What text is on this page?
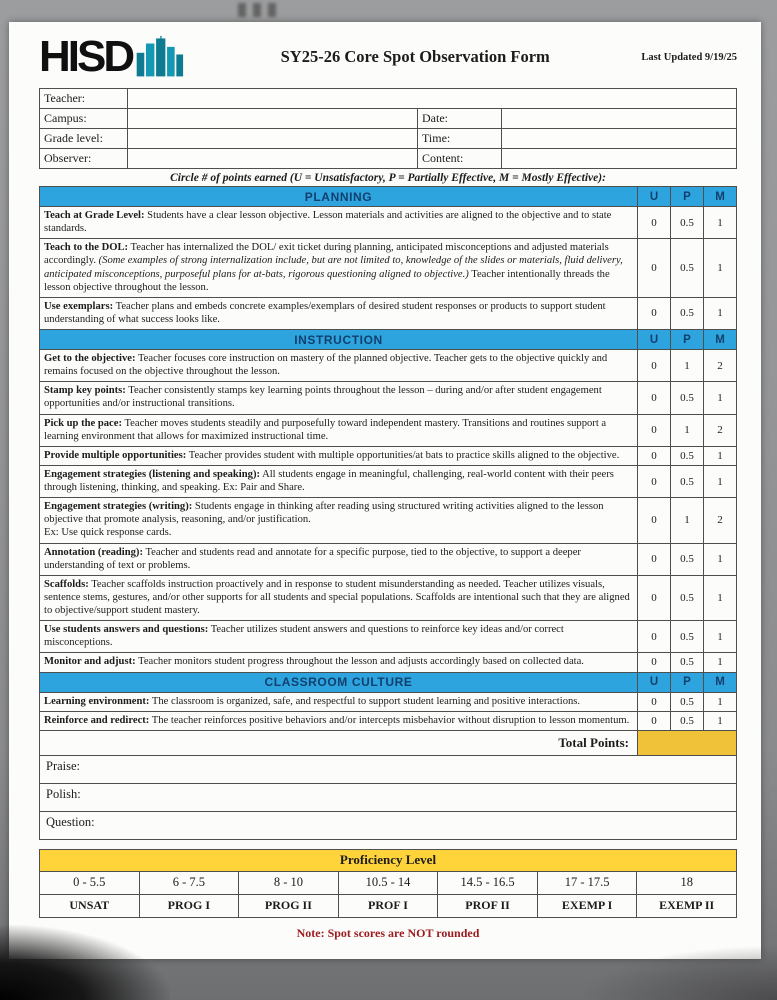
HISD	SY25-26 Core Spot Observation Form	Last Updated 9/19/25
Teacher:			
Campus:		Date:	
Grade level:		Time:	
Observer:		Content:	
Circle # of points earned (U = Unsatisfactory, P = Partially Effective, M = Mostly Effective):
PLANNING	U	P	M
Teach at Grade Level: Students have a clear lesson objective. Lesson materials and activities are aligned to the objective and to state standards.	0	0.5	1
Teach to the DOL: Teacher has internalized the DOL/ exit ticket during planning, anticipated misconceptions and adjusted materials accordingly. (Some examples of strong internalization include, but are not limited to, knowledge of the slides or materials, fluid delivery, anticipated misconceptions, purposeful plans for at-bats, rigorous questioning aligned to objective.) Teacher intentionally threads the lesson objective throughout the lesson.	0	0.5	1
Use exemplars: Teacher plans and embeds concrete examples/exemplars of desired student responses or products to support student understanding of what success looks like.	0	0.5	1
INSTRUCTION	U	P	M
Get to the objective: Teacher focuses core instruction on mastery of the planned objective. Teacher gets to the objective quickly and remains focused on the objective throughout the lesson.	0	1	2
Stamp key points: Teacher consistently stamps key learning points throughout the lesson – during and/or after student engagement opportunities and/or instructional transitions.	0	0.5	1
Pick up the pace: Teacher moves students steadily and purposefully toward independent mastery. Transitions and routines support a learning environment that allows for maximized instructional time.	0	1	2
Provide multiple opportunities: Teacher provides student with multiple opportunities/at bats to practice skills aligned to the objective.	0	0.5	1
Engagement strategies (listening and speaking): All students engage in meaningful, challenging, real-world content with their peers through listening, thinking, and speaking. Ex: Pair and Share.	0	0.5	1
Engagement strategies (writing): Students engage in thinking after reading using structured writing activities aligned to the lesson objective that promote analysis, reasoning, and/or justification.
Ex: Use quick response cards.	0	1	2
Annotation (reading): Teacher and students read and annotate for a specific purpose, tied to the objective, to support a deeper understanding of text or problems.	0	0.5	1
Scaffolds: Teacher scaffolds instruction proactively and in response to student misunderstanding as needed. Teacher utilizes visuals, sentence stems, gestures, and/or other supports for all students and special populations. Scaffolds are intentional such that they are aligned to objective/support student mastery.	0	0.5	1
Use students answers and questions: Teacher utilizes student answers and questions to reinforce key ideas and/or correct misconceptions.	0	0.5	1
Monitor and adjust: Teacher monitors student progress throughout the lesson and adjusts accordingly based on collected data.	0	0.5	1
CLASSROOM CULTURE	U	P	M
Learning environment: The classroom is organized, safe, and respectful to support student learning and positive interactions.	0	0.5	1
Reinforce and redirect: The teacher reinforces positive behaviors and/or intercepts misbehavior without disruption to lesson momentum.	0	0.5	1
Total Points:			
Praise:			
Polish:			
Question:			
Proficiency Level						
0 - 5.5	6 - 7.5	8 - 10	10.5 - 14	14.5 - 16.5	17 - 17.5	18
UNSAT	PROG I	PROG II	PROF I	PROF II	EXEMP I	EXEMP II
Note: Spot scores are NOT rounded
